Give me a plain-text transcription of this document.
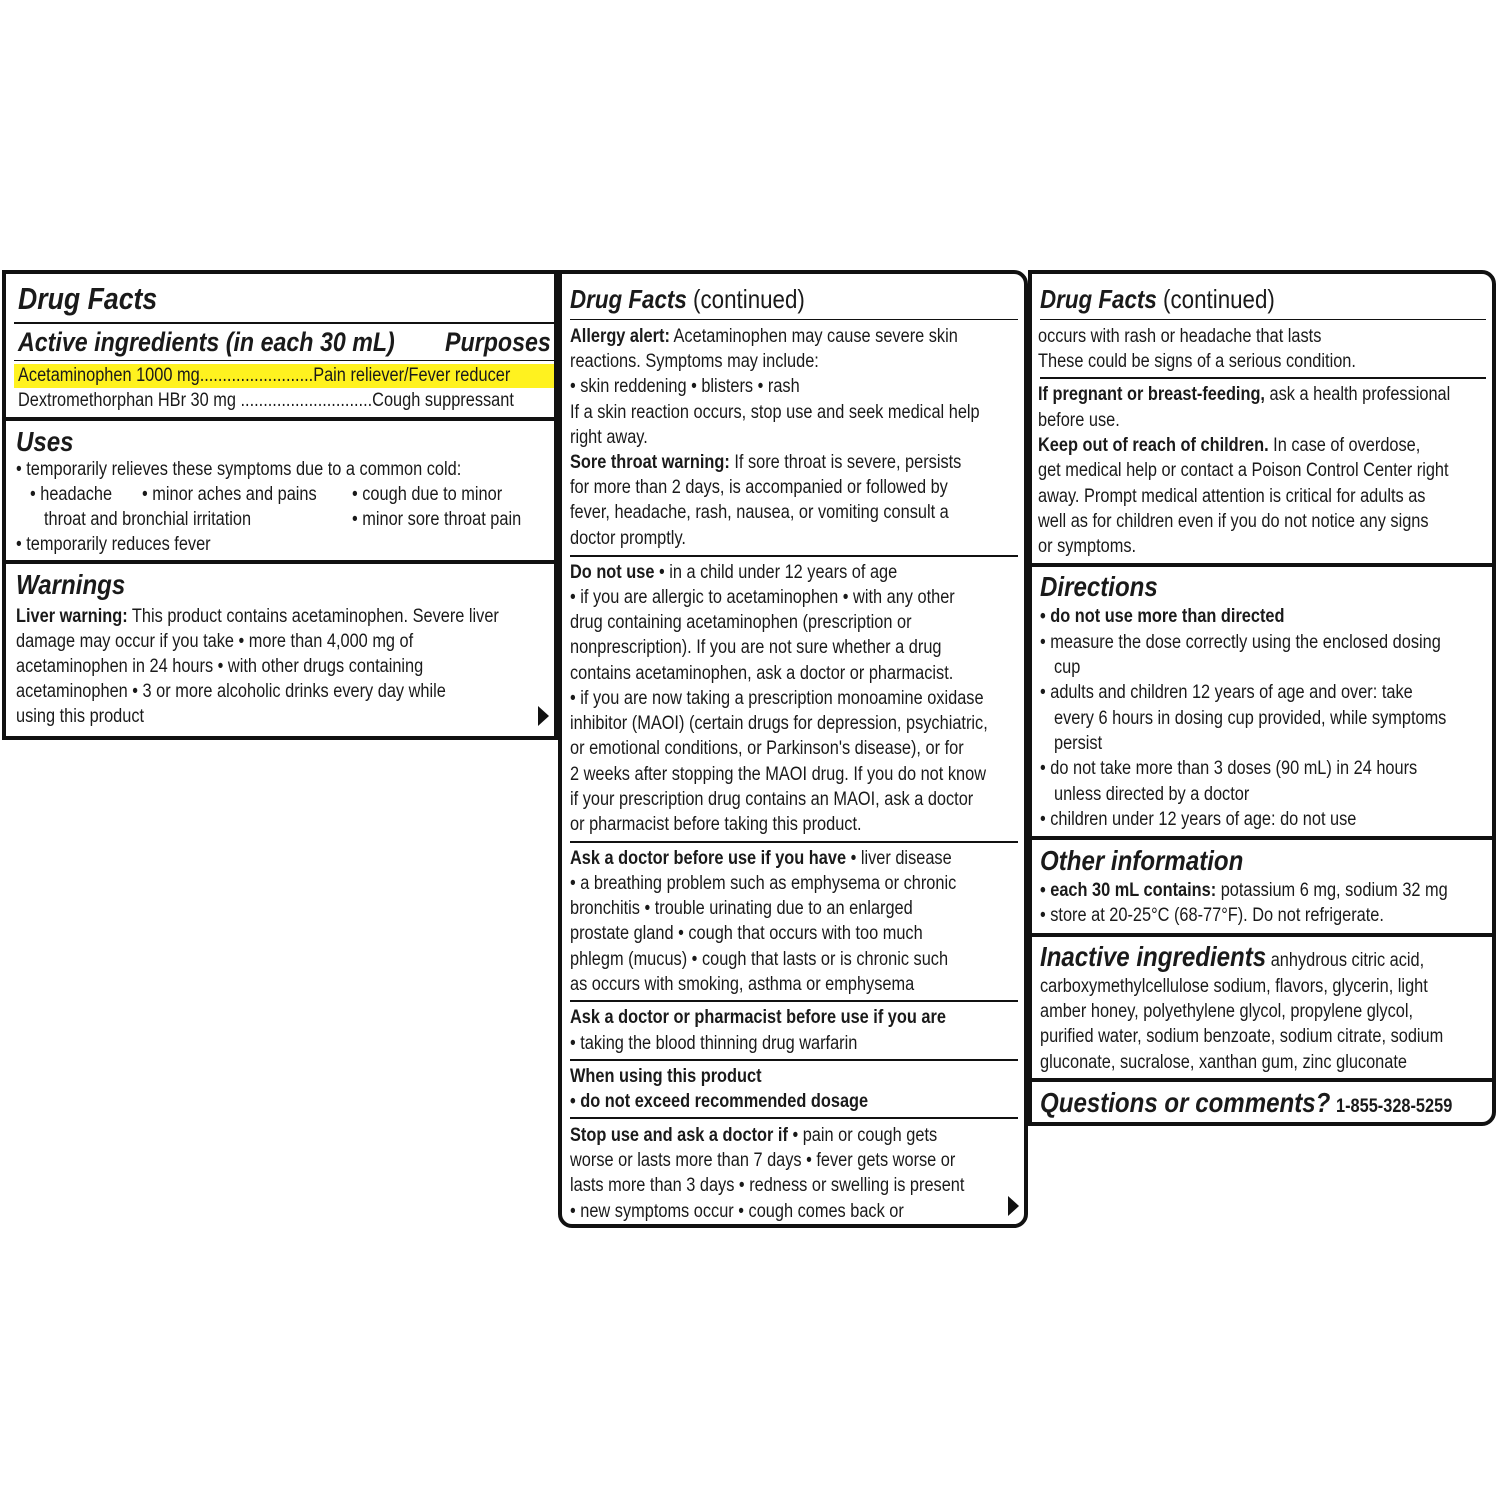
Drug Facts
Active ingredients (in each 30 mL) Purposes
Acetaminophen 1000 mg.........................Pain reliever/Fever reducer
Dextromethorphan HBr 30 mg .............................Cough suppressant
Uses
• temporarily relieves these symptoms due to a common cold:
• headache • minor aches and pains • cough due to minor
throat and bronchial irritation	• minor sore throat pain
• temporarily reduces fever
Warnings
Liver warning: This product contains acetaminophen. Severe liver
damage may occur if you take • more than 4,000 mg of
acetaminophen in 24 hours • with other drugs containing
acetaminophen • 3 or more alcoholic drinks every day while
using this product
Drug Facts (continued)
Allergy alert: Acetaminophen may cause severe skin
reactions. Symptoms may include:
• skin reddening • blisters • rash
If a skin reaction occurs, stop use and seek medical help
right away.
Sore throat warning: If sore throat is severe, persists
for more than 2 days, is accompanied or followed by
fever, headache, rash, nausea, or vomiting consult a
doctor promptly.
Do not use • in a child under 12 years of age
• if you are allergic to acetaminophen • with any other
drug containing acetaminophen (prescription or
nonprescription). If you are not sure whether a drug
contains acetaminophen, ask a doctor or pharmacist.
• if you are now taking a prescription monoamine oxidase
inhibitor (MAOI) (certain drugs for depression, psychiatric,
or emotional conditions, or Parkinson's disease), or for
2 weeks after stopping the MAOI drug. If you do not know
if your prescription drug contains an MAOI, ask a doctor
or pharmacist before taking this product.
Ask a doctor before use if you have • liver disease
• a breathing problem such as emphysema or chronic
bronchitis • trouble urinating due to an enlarged
prostate gland • cough that occurs with too much
phlegm (mucus) • cough that lasts or is chronic such
as occurs with smoking, asthma or emphysema
Ask a doctor or pharmacist before use if you are
• taking the blood thinning drug warfarin
When using this product
• do not exceed recommended dosage
Stop use and ask a doctor if • pain or cough gets
worse or lasts more than 7 days • fever gets worse or
lasts more than 3 days • redness or swelling is present
• new symptoms occur • cough comes back or
Drug Facts (continued)
occurs with rash or headache that lasts
These could be signs of a serious condition.
If pregnant or breast-feeding, ask a health professional
before use.
Keep out of reach of children. In case of overdose,
get medical help or contact a Poison Control Center right
away. Prompt medical attention is critical for adults as
well as for children even if you do not notice any signs
or symptoms.
Directions
• do not use more than directed
• measure the dose correctly using the enclosed dosing
cup
• adults and children 12 years of age and over: take
every 6 hours in dosing cup provided, while symptoms
persist
• do not take more than 3 doses (90 mL) in 24 hours
unless directed by a doctor
• children under 12 years of age: do not use
Other information
• each 30 mL contains: potassium 6 mg, sodium 32 mg
• store at 20-25°C (68-77°F). Do not refrigerate.
Inactive ingredients anhydrous citric acid,
carboxymethylcellulose sodium, flavors, glycerin, light
amber honey, polyethylene glycol, propylene glycol,
purified water, sodium benzoate, sodium citrate, sodium
gluconate, sucralose, xanthan gum, zinc gluconate
Questions or comments? 1-855-328-5259
